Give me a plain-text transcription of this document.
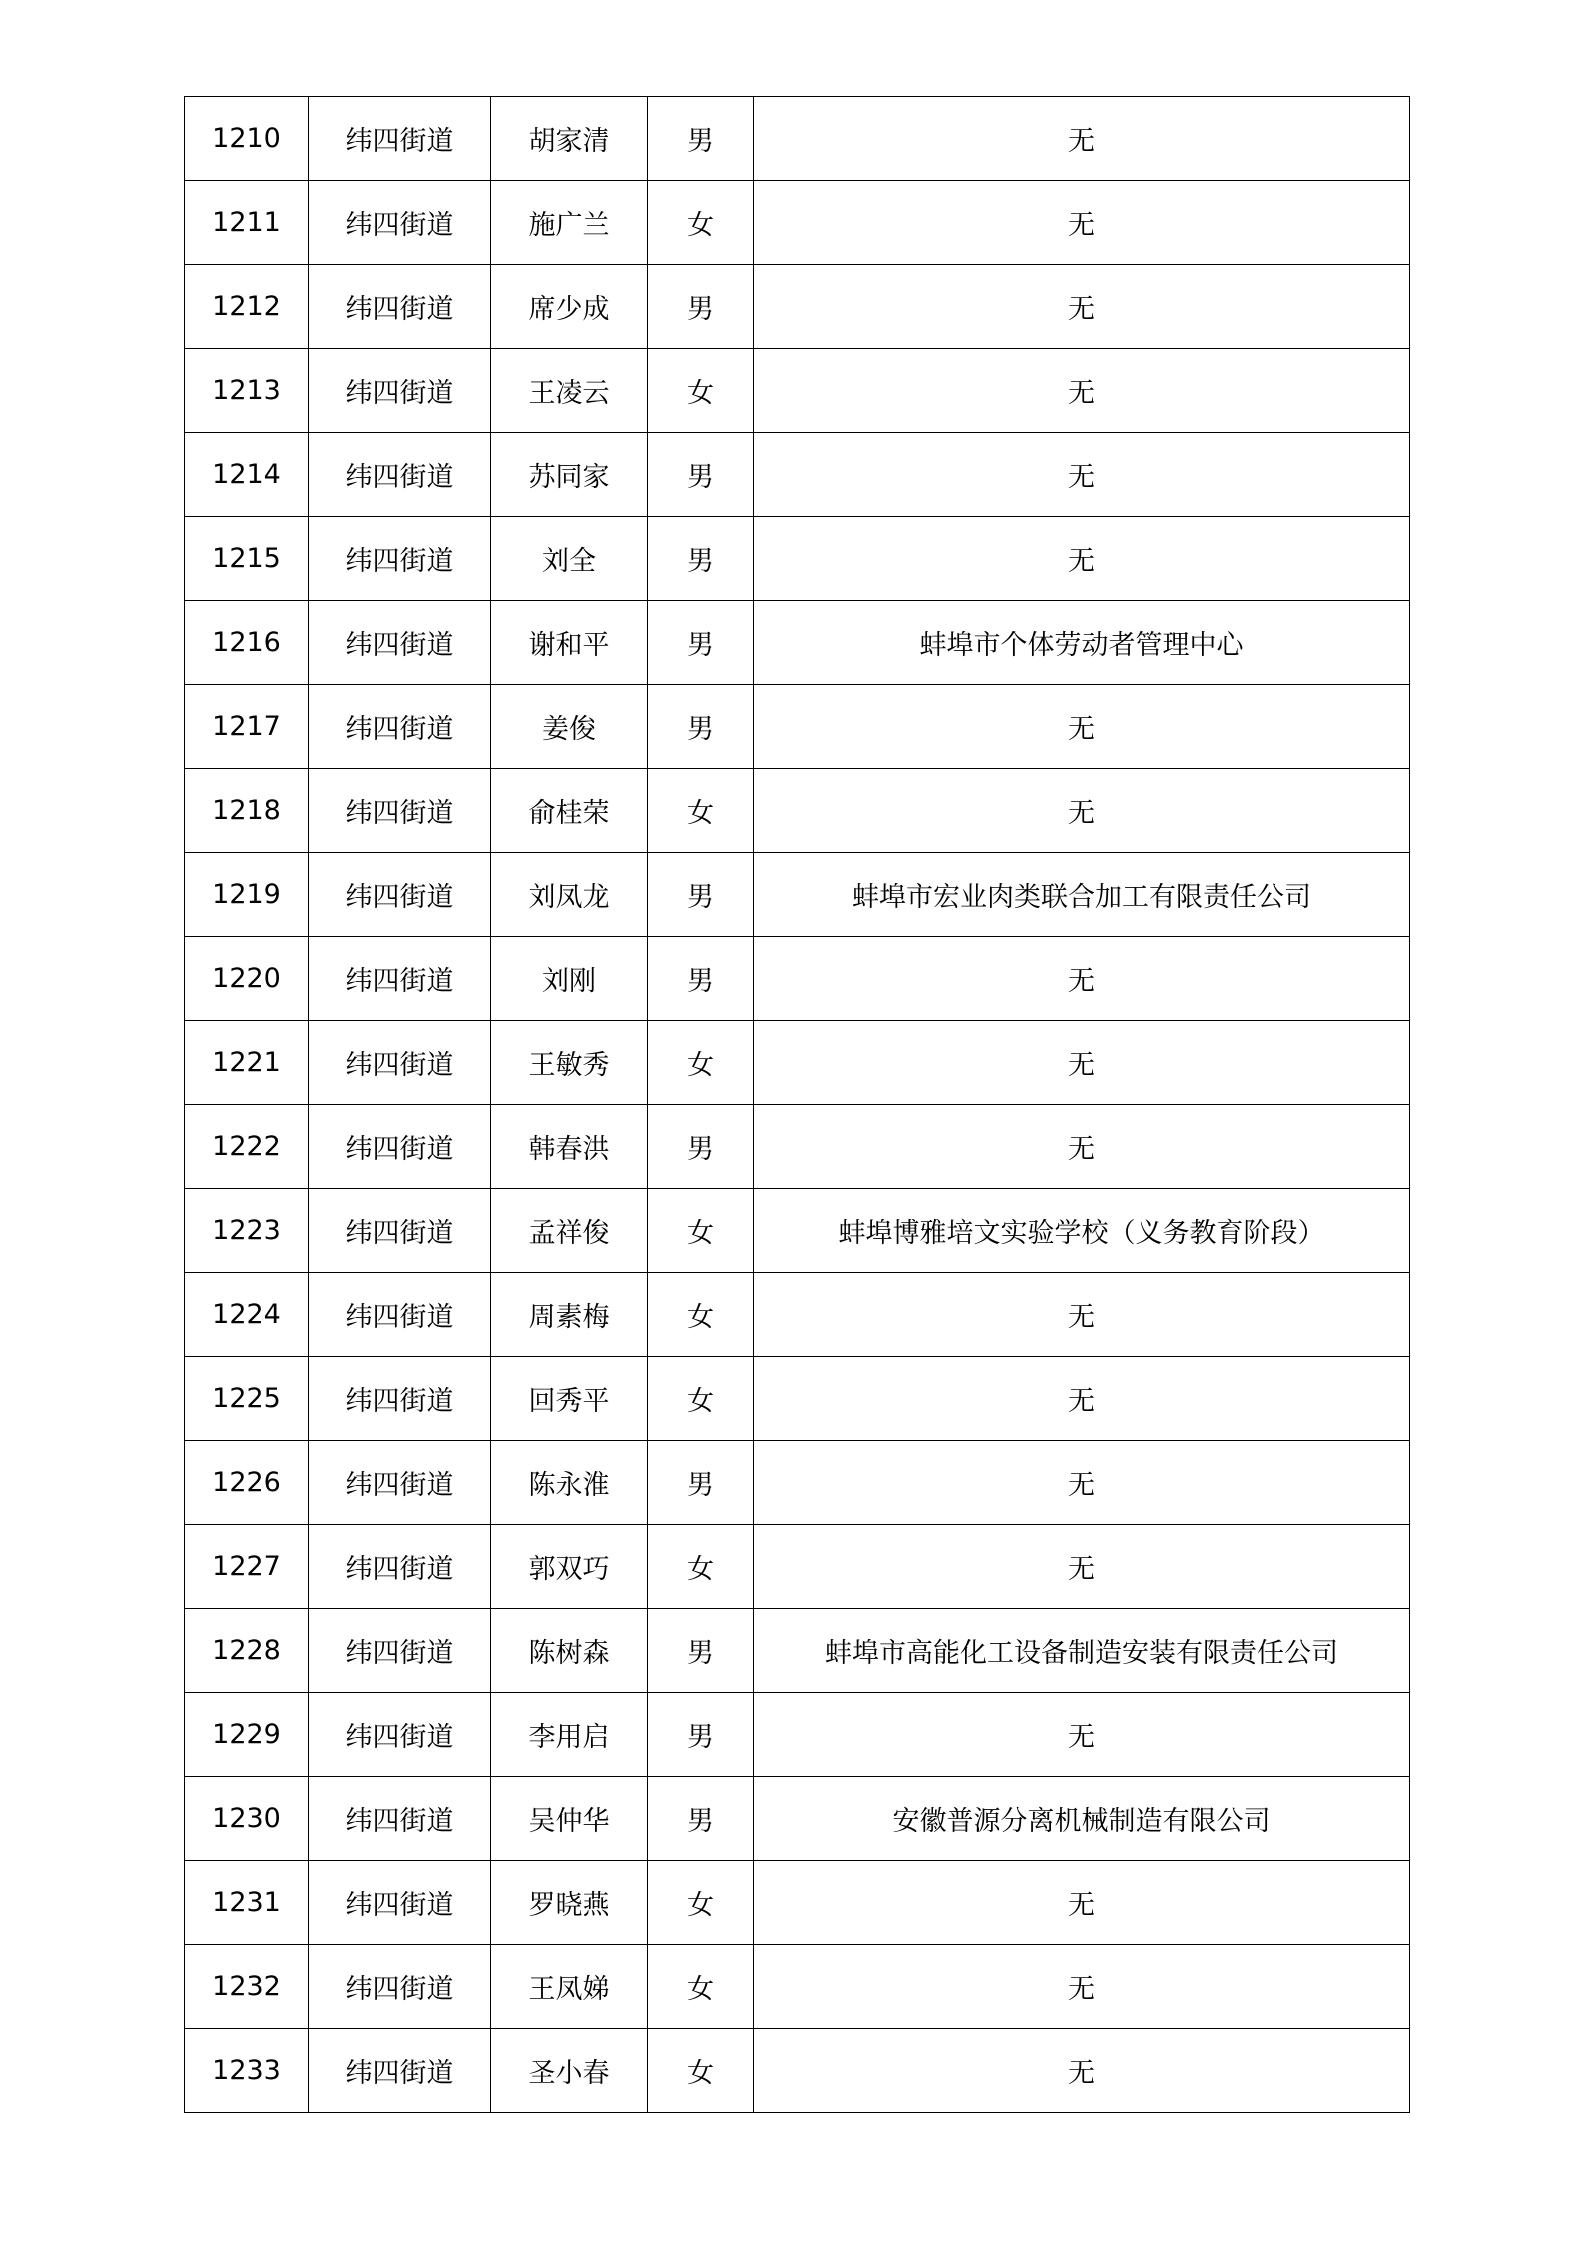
1210	纬四街道	胡家清	男	无
1211	纬四街道	施广兰	女	无
1212	纬四街道	席少成	男	无
1213	纬四街道	王凌云	女	无
1214	纬四街道	苏同家	男	无
1215	纬四街道	刘全	男	无
1216	纬四街道	谢和平	男	蚌埠市个体劳动者管理中心
1217	纬四街道	姜俊	男	无
1218	纬四街道	俞桂荣	女	无
1219	纬四街道	刘凤龙	男	蚌埠市宏业肉类联合加工有限责任公司
1220	纬四街道	刘刚	男	无
1221	纬四街道	王敏秀	女	无
1222	纬四街道	韩春洪	男	无
1223	纬四街道	孟祥俊	女	蚌埠博雅培文实验学校（义务教育阶段）
1224	纬四街道	周素梅	女	无
1225	纬四街道	回秀平	女	无
1226	纬四街道	陈永淮	男	无
1227	纬四街道	郭双巧	女	无
1228	纬四街道	陈树森	男	蚌埠市高能化工设备制造安装有限责任公司
1229	纬四街道	李用启	男	无
1230	纬四街道	吴仲华	男	安徽普源分离机械制造有限公司
1231	纬四街道	罗晓燕	女	无
1232	纬四街道	王凤娣	女	无
1233	纬四街道	圣小春	女	无
